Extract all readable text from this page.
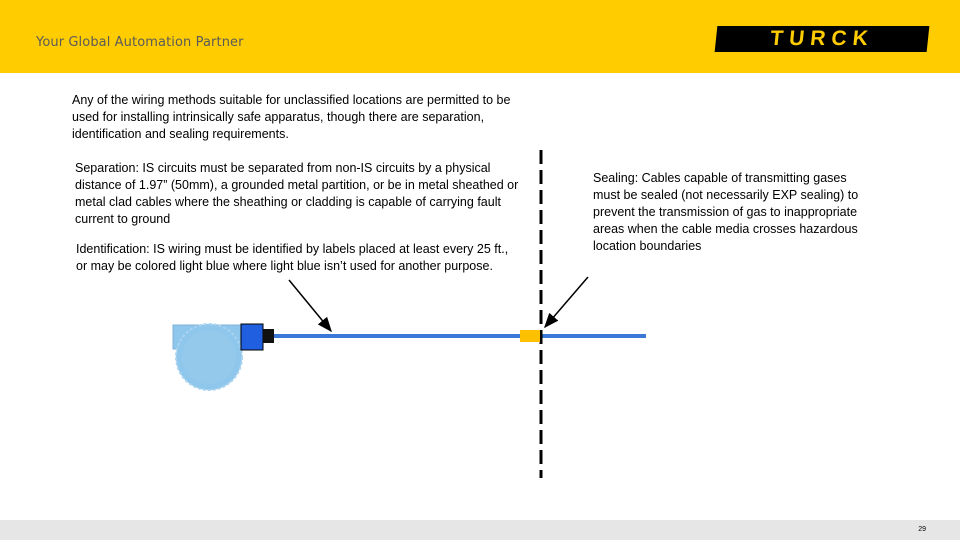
Your Global Automation Partner	TURCK
Any of the wiring methods suitable for unclassified locations are permitted to be used for installing intrinsically safe apparatus, though there are separation, identification and sealing requirements.
Separation: IS circuits must be separated from non-IS circuits by a physical distance of 1.97” (50mm), a grounded metal partition, or be in metal sheathed or metal clad cables where the sheathing or cladding is capable of carrying fault current to ground
Identification: IS wiring must be identified by labels placed at least every 25 ft., or may be colored light blue where light blue isn’t used for another purpose.
Sealing: Cables capable of transmitting gases must be sealed (not necessarily EXP sealing) to prevent the transmission of gas to inappropriate areas when the cable media crosses hazardous location boundaries
29
